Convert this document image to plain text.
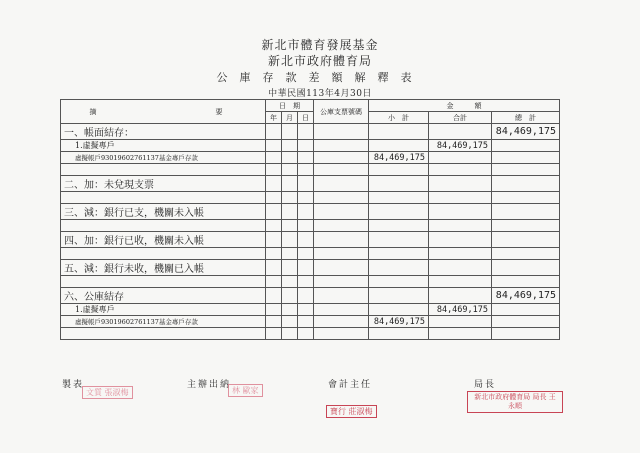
新北市體育發展基金
新北市政府體育局
公庫存款差額解釋表
中華民國113年4月30日
摘　　　　　要	日　期			公庫支票號碼	金　　　額		
	年	月	日		小　計	合計	總　計
一、帳面結存：							84,469,175
1.虛擬專戶						84,469,175	
虛擬帳戶93019602761137基金專戶存款					84,469,175		

二、加：未兌現支票							

三、減：銀行已支，機關未入帳							

四、加：銀行已收，機關未入帳							

五、減：銀行未收，機關已入帳							

六、公庫結存							84,469,175
1.虛擬專戶						84,469,175	
虛擬帳戶93019602761137基金專戶存款					84,469,175		

製表	主辦出納	會計主任	局長
文質 張淑梅	林 歐家
寶行 莊淑梅
新北市政府體育局 局長 王永順
